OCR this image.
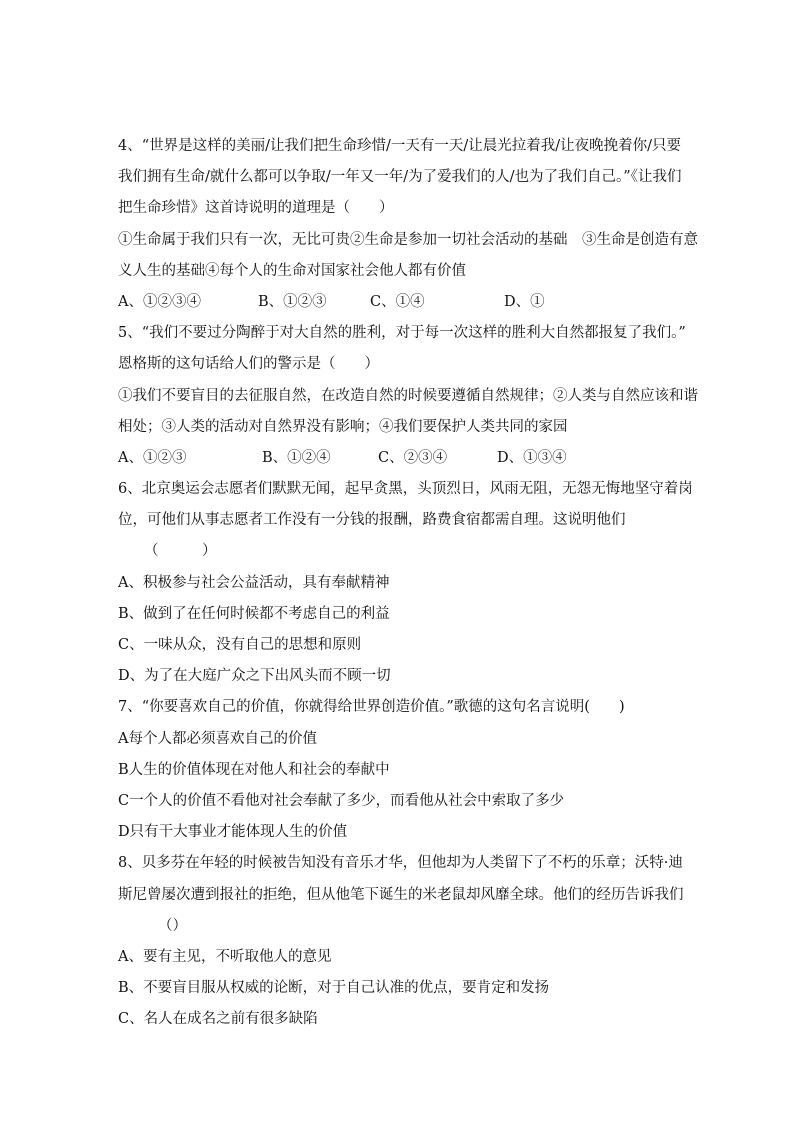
4、“世界是这样的美丽/让我们把生命珍惜/一天有一天/让晨光拉着我/让夜晚挽着你/只要
我们拥有生命/就什么都可以争取/一年又一年/为了爱我们的人/也为了我们自己。”《让我们
把生命珍惜》这首诗说明的道理是（　　）
①生命属于我们只有一次，无比可贵②生命是参加一切社会活动的基础　③生命是创造有意
义人生的基础④每个人的生命对国家社会他人都有价值
A、①②③④	B、①②③	C、①④	D、①
5、“我们不要过分陶醉于对大自然的胜利，对于每一次这样的胜利大自然都报复了我们。”
恩格斯的这句话给人们的警示是（　　）
①我们不要盲目的去征服自然，在改造自然的时候要遵循自然规律；②人类与自然应该和谐
相处；③人类的活动对自然界没有影响；④我们要保护人类共同的家园
A、①②③	B、①②④	C、②③④	D、①③④
6、北京奥运会志愿者们默默无闻，起早贪黑，头顶烈日，风雨无阻，无怨无悔地坚守着岗
位，可他们从事志愿者工作没有一分钱的报酬，路费食宿都需自理。这说明他们
（　　　）
A、积极参与社会公益活动，具有奉献精神
B、做到了在任何时候都不考虑自己的利益
C、一味从众，没有自己的思想和原则
D、为了在大庭广众之下出风头而不顾一切
7、“你要喜欢自己的价值，你就得给世界创造价值。”歌德的这句名言说明(　　)
A每个人都必须喜欢自己的价值
B人生的价值体现在对他人和社会的奉献中
C一个人的价值不看他对社会奉献了多少，而看他从社会中索取了多少
D只有干大事业才能体现人生的价值
8、贝多芬在年轻的时候被告知没有音乐才华，但他却为人类留下了不朽的乐章；沃特·迪
斯尼曾屡次遭到报社的拒绝，但从他笔下诞生的米老鼠却风靡全球。他们的经历告诉我们
（）
A、要有主见，不听取他人的意见
B、不要盲目服从权威的论断，对于自己认准的优点，要肯定和发扬
C、名人在成名之前有很多缺陷
